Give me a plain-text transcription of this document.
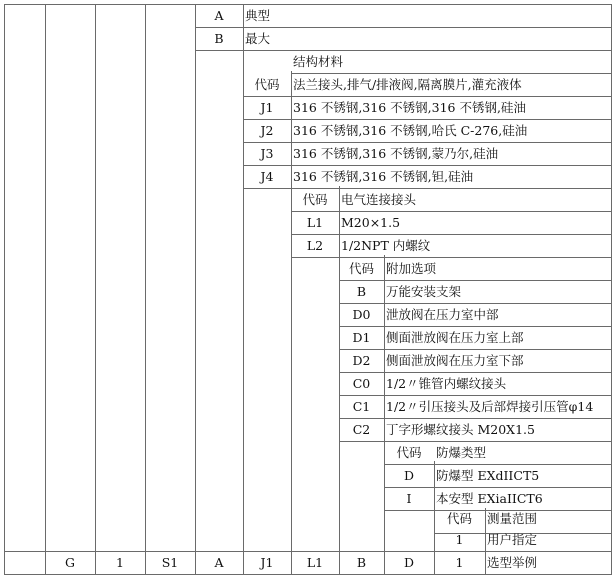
A	典型
B	最大
结构材料
代码	法兰接头,排气/排液阀,隔离膜片,灌充液体
J1	316 不锈钢,316 不锈钢,316 不锈钢,硅油
J2	316 不锈钢,316 不锈钢,哈氏 C-276,硅油
J3	316 不锈钢,316 不锈钢,蒙乃尔,硅油
J4	316 不锈钢,316 不锈钢,钽,硅油
代码	电气连接接头
L1	M20×1.5
L2	1/2NPT 内螺纹
代码 附加选项
B	万能安装支架
D0	泄放阀在压力室中部
D1	侧面泄放阀在压力室上部
D2	侧面泄放阀在压力室下部
C0	1/2〃锥管内螺纹接头
C1	1/2〃引压接头及后部焊接引压管φ14
C2	丁字形螺纹接头 M20X1.5
代码	防爆类型
D	防爆型 EXdIICT5
I	本安型 EXiaIICT6
代码	测量范围
1	用户指定
G	1	S1	A	J1	L1	B	D	1	选型举例
